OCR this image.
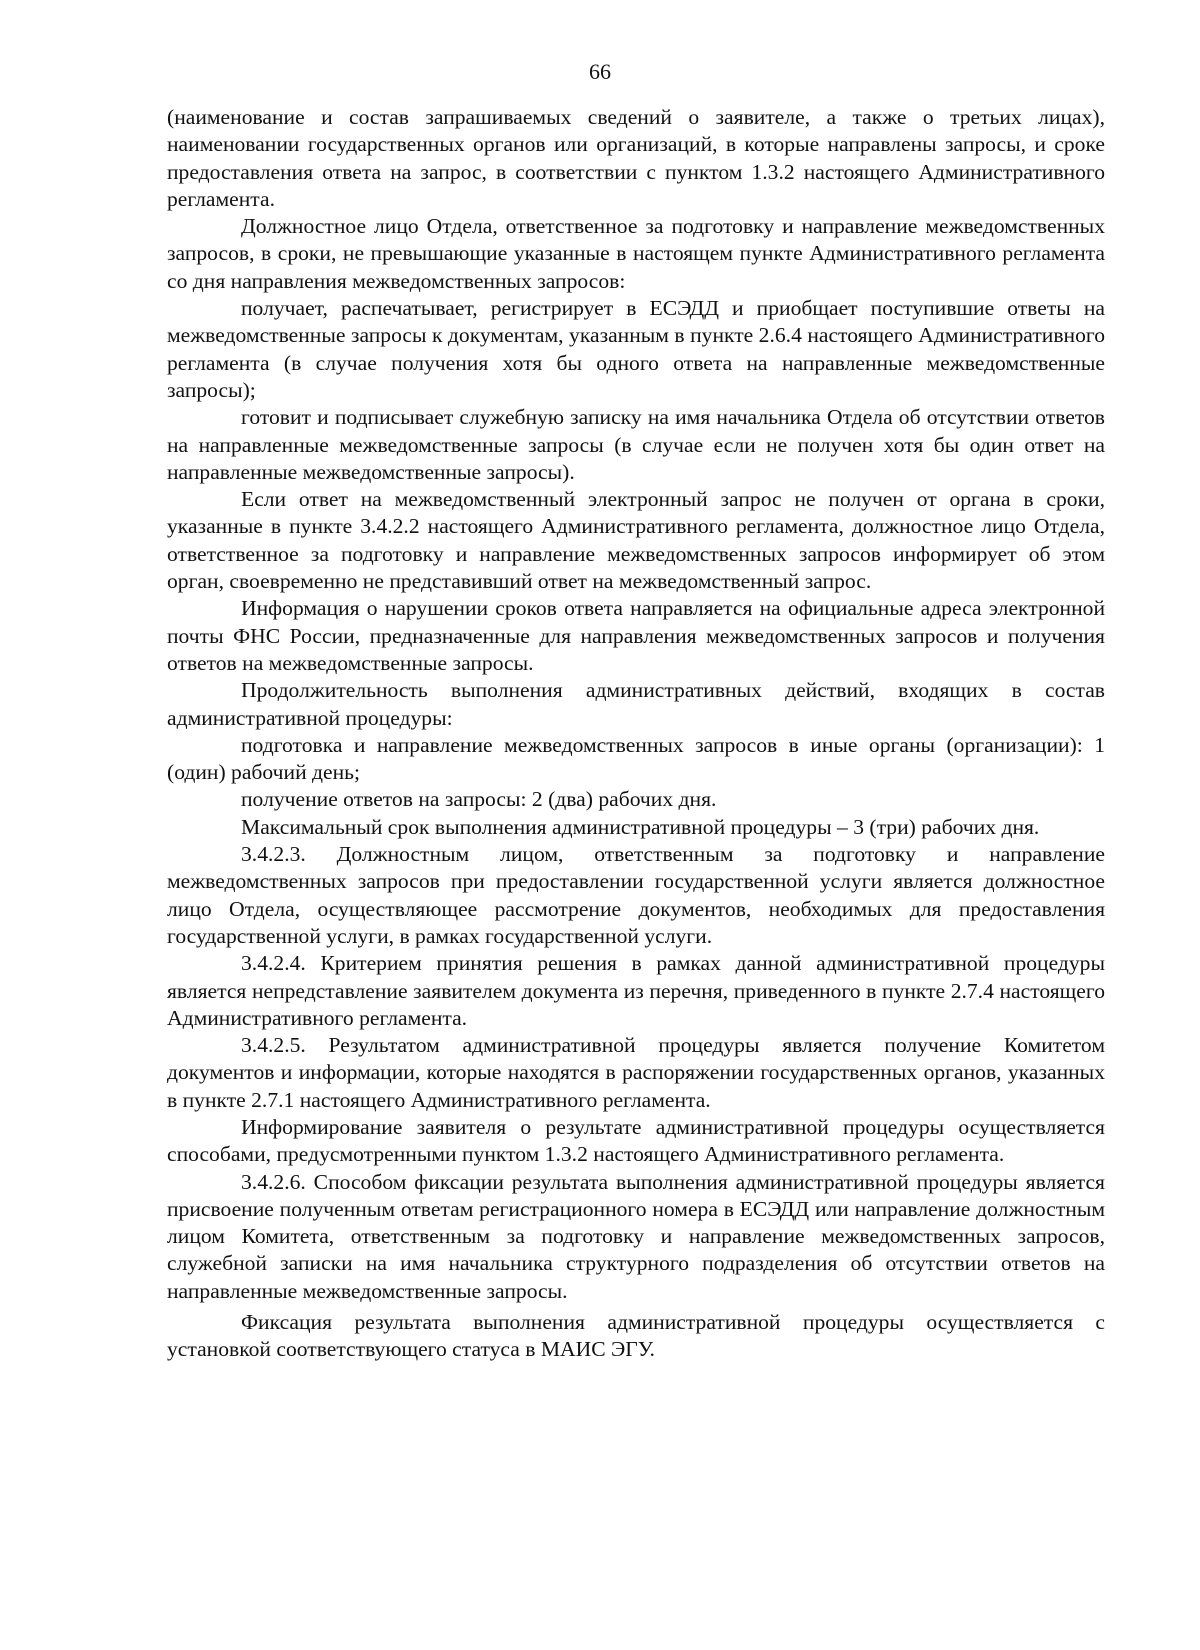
66

(наименование и состав запрашиваемых сведений о заявителе, а также о третьих лицах), наименовании государственных органов или организаций, в которые направлены запросы, и сроке предоставления ответа на запрос, в соответствии с пунктом 1.3.2 настоящего Административного регламента.

Должностное лицо Отдела, ответственное за подготовку и направление межведомственных запросов, в сроки, не превышающие указанные в настоящем пункте Административного регламента со дня направления межведомственных запросов:

получает, распечатывает, регистрирует в ЕСЭДД и приобщает поступившие ответы на межведомственные запросы к документам, указанным в пункте 2.6.4 настоящего Административного регламента (в случае получения хотя бы одного ответа на направленные межведомственные запросы);

готовит и подписывает служебную записку на имя начальника Отдела об отсутствии ответов на направленные межведомственные запросы (в случае если не получен хотя бы один ответ на направленные межведомственные запросы).

Если ответ на межведомственный электронный запрос не получен от органа в сроки, указанные в пункте 3.4.2.2 настоящего Административного регламента, должностное лицо Отдела, ответственное за подготовку и направление межведомственных запросов информирует об этом орган, своевременно не представивший ответ на межведомственный запрос.

Информация о нарушении сроков ответа направляется на официальные адреса электронной почты ФНС России, предназначенные для направления межведомственных запросов и получения ответов на межведомственные запросы.

Продолжительность выполнения административных действий, входящих в состав административной процедуры:

подготовка и направление межведомственных запросов в иные органы (организации): 1 (один) рабочий день;

получение ответов на запросы: 2 (два) рабочих дня.

Максимальный срок выполнения административной процедуры – 3 (три) рабочих дня.

3.4.2.3. Должностным лицом, ответственным за подготовку и направление межведомственных запросов при предоставлении государственной услуги является должностное лицо Отдела, осуществляющее рассмотрение документов, необходимых для предоставления государственной услуги, в рамках государственной услуги.

3.4.2.4. Критерием принятия решения в рамках данной административной процедуры является непредставление заявителем документа из перечня, приведенного в пункте 2.7.4 настоящего Административного регламента.

3.4.2.5. Результатом административной процедуры является получение Комитетом документов и информации, которые находятся в распоряжении государственных органов, указанных в пункте 2.7.1 настоящего Административного регламента.

Информирование заявителя о результате административной процедуры осуществляется способами, предусмотренными пунктом 1.3.2 настоящего Административного регламента.

3.4.2.6. Способом фиксации результата выполнения административной процедуры является присвоение полученным ответам регистрационного номера в ЕСЭДД или направление должностным лицом Комитета, ответственным за подготовку и направление межведомственных запросов, служебной записки на имя начальника структурного подразделения об отсутствии ответов на направленные межведомственные запросы.

Фиксация результата выполнения административной процедуры осуществляется с установкой соответствующего статуса в МАИС ЭГУ.
